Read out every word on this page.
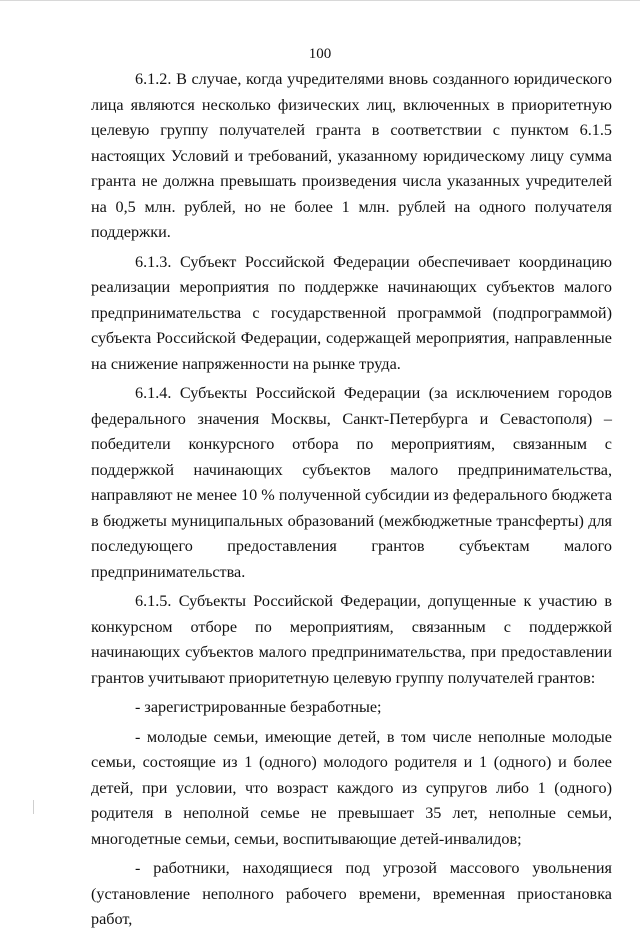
100

6.1.2. В случае, когда учредителями вновь созданного юридического лица являются несколько физических лиц, включенных в приоритетную целевую группу получателей гранта в соответствии с пунктом 6.1.5 настоящих Условий и требований, указанному юридическому лицу сумма гранта не должна превышать произведения числа указанных учредителей на 0,5 млн. рублей, но не более 1 млн. рублей на одного получателя поддержки.

6.1.3. Субъект Российской Федерации обеспечивает координацию реализации мероприятия по поддержке начинающих субъектов малого предпринимательства с государственной программой (подпрограммой) субъекта Российской Федерации, содержащей мероприятия, направленные на снижение напряженности на рынке труда.

6.1.4. Субъекты Российской Федерации (за исключением городов федерального значения Москвы, Санкт-Петербурга и Севастополя) – победители конкурсного отбора по мероприятиям, связанным с поддержкой начинающих субъектов малого предпринимательства, направляют не менее 10 % полученной субсидии из федерального бюджета в бюджеты муниципальных образований (межбюджетные трансферты) для последующего предоставления грантов субъектам малого предпринимательства.

6.1.5. Субъекты Российской Федерации, допущенные к участию в конкурсном отборе по мероприятиям, связанным с поддержкой начинающих субъектов малого предпринимательства, при предоставлении грантов учитывают приоритетную целевую группу получателей грантов:

- зарегистрированные безработные;

- молодые семьи, имеющие детей, в том числе неполные молодые семьи, состоящие из 1 (одного) молодого родителя и 1 (одного) и более детей, при условии, что возраст каждого из супругов либо 1 (одного) родителя в неполной семье не превышает 35 лет, неполные семьи, многодетные семьи, семьи, воспитывающие детей-инвалидов;

- работники, находящиеся под угрозой массового увольнения (установление неполного рабочего времени, временная приостановка работ,
